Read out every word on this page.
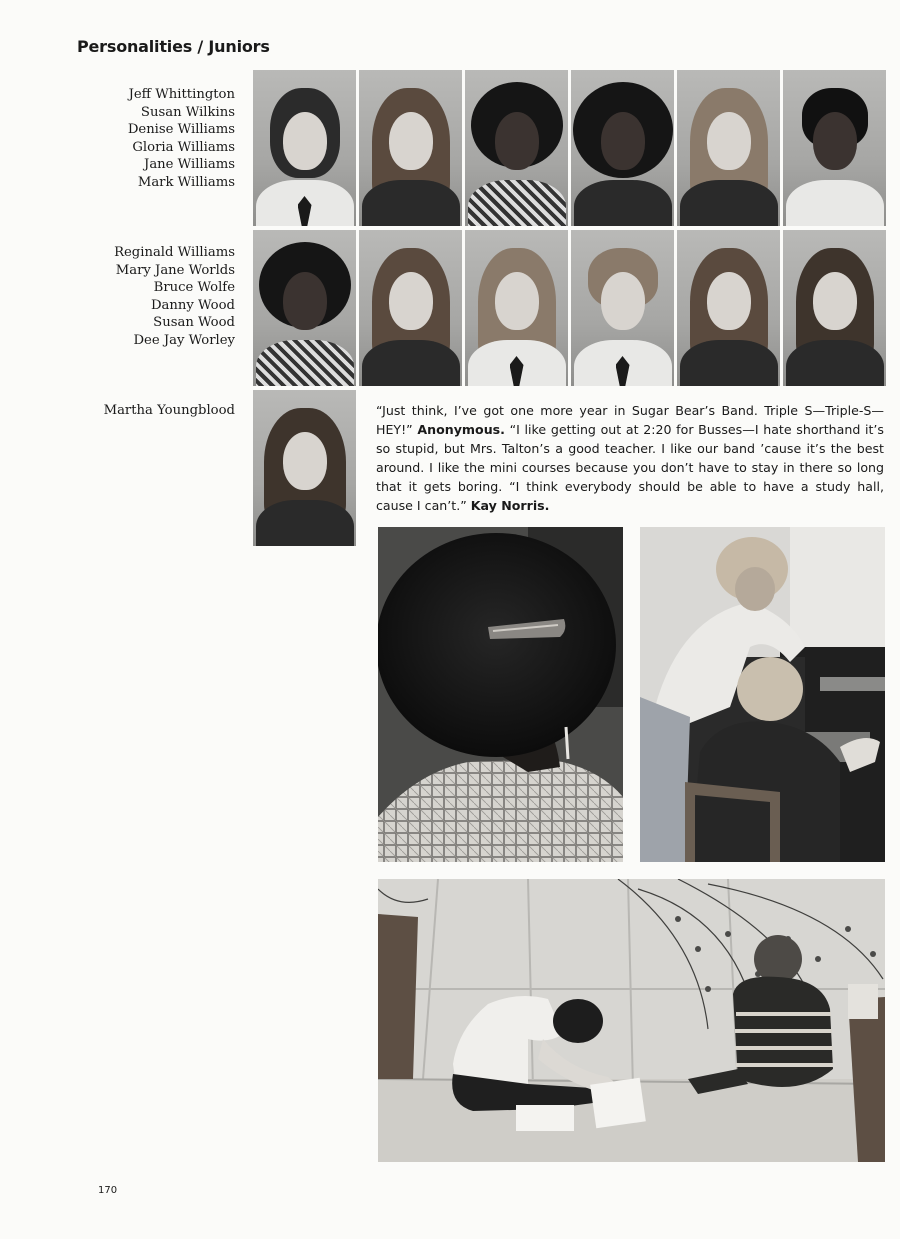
Personalities / Juniors
Jeff Whittington
Susan Wilkins
Denise Williams
Gloria Williams
Jane Williams
Mark Williams
Reginald Williams
Mary Jane Worlds
Bruce Wolfe
Danny Wood
Susan Wood
Dee Jay Worley
Martha Youngblood	“Just think, I’ve got one more year in Sugar Bear’s Band. Triple S—Triple-S—HEY!” Anonymous. “I like getting out at 2:20 for Busses—I hate shorthand it’s so stupid, but Mrs. Talton’s a good teacher. I like our band ’cause it’s the best around. I like the mini courses because you don’t have to stay in there so long that it gets boring. “I think everybody should be able to have a study hall, cause I can’t.” Kay Norris.
170
